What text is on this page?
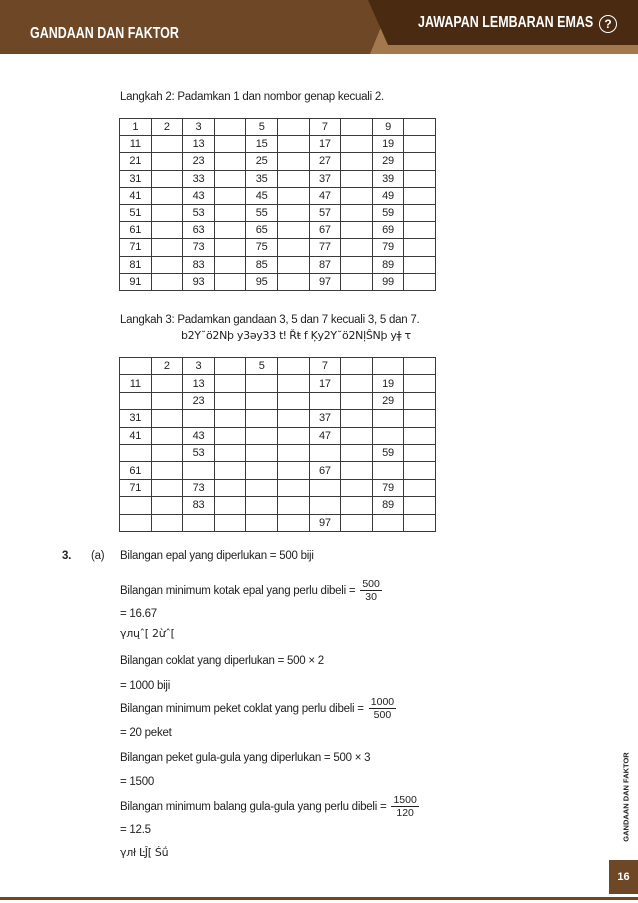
GANDAAN DAN FAKTOR
JAWAPAN LEMBARAN EMAS ?
Langkah 2: Padamkan 1 dan nombor genap kecuali 2.
1	2	3		5		7		9	
11		13		15		17		19	
21		23		25		27		29	
31		33		35		37		39	
41		43		45		47		49	
51		53		55		57		59	
61		63		65		67		69	
71		73		75		77		79	
81		83		85		87		89	
91		93		95		97		99	
Langkah 3: Padamkan gandaan 3, 5 dan 7 kecuali 3, 5 dan 7.
b2Y˘ö2Nþ y3əy33 tǃ Řŧ f Ķy2Y˘ö2NļŜNþ yǂ τ
	2	3		5		7			
11		13				17		19	
		23						29	
31						37			
41		43				47			
		53						59	
61						67			
71		73						79	
		83						89	
						97			
3. (a) Bilangan epal yang diperlukan = 500 biji
Bilangan minimum kotak epal yang perlu dibeli = $\frac{500}{30}$
= 16.67
γлųˆ[ 2ừˆ[
Bilangan coklat yang diperlukan = 500 × 2
= 1000 biji
Bilangan minimum peket coklat yang perlu dibeli = $\frac{1000}{500}$
= 20 peket
Bilangan peket gula-gula yang diperlukan = 500 × 3
= 1500
Bilangan minimum balang gula-gula yang perlu dibeli = $\frac{1500}{120}$
= 12.5
γлł ĿĴ[ Śǘ
GANDAAN DAN FAKTOR
16
